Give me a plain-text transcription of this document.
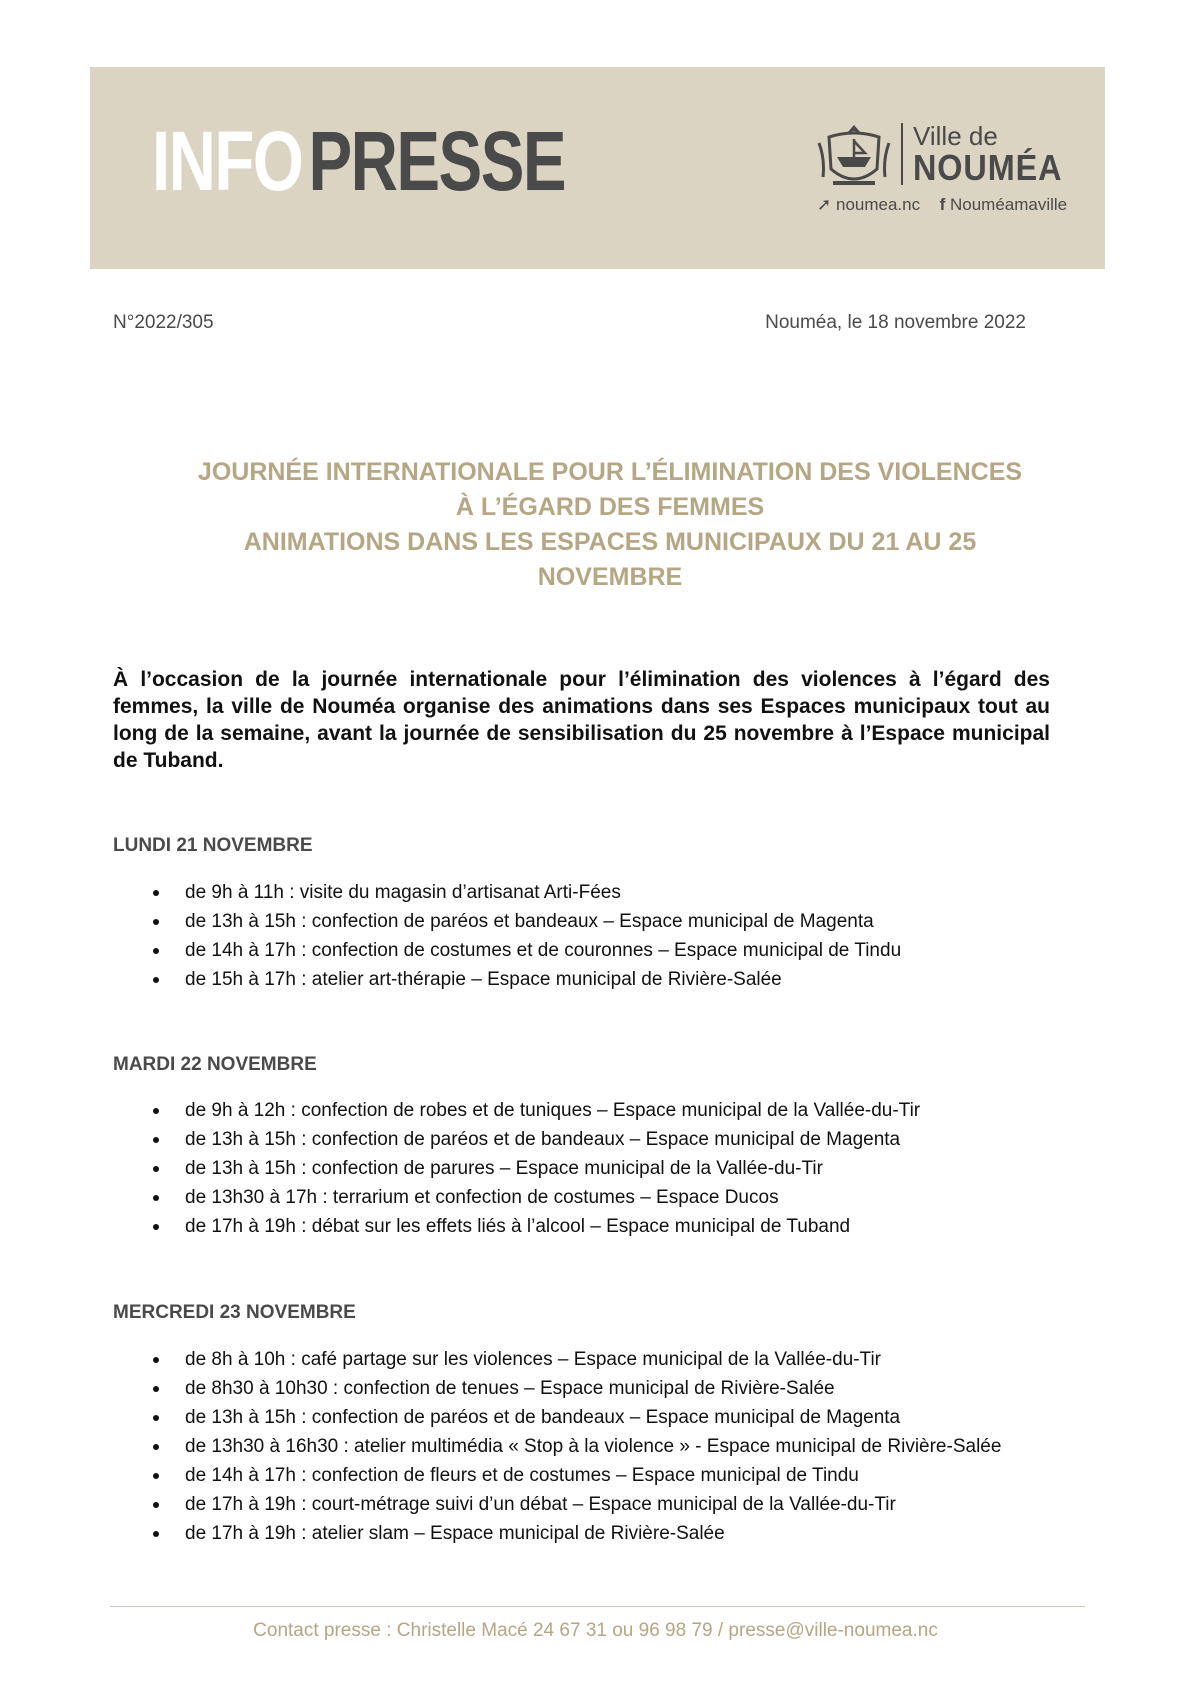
INFOPRESSE	Ville de
NOUMÉA
➚ noumea.nc f Nouméamaville
N°2022/305	Nouméa, le 18 novembre 2022
JOURNÉE INTERNATIONALE POUR L’ÉLIMINATION DES VIOLENCES
À L’ÉGARD DES FEMMES
ANIMATIONS DANS LES ESPACES MUNICIPAUX DU 21 AU 25
NOVEMBRE

À l’occasion de la journée internationale pour l’élimination des violences à l’égard des femmes, la ville de Nouméa organise des animations dans ses Espaces municipaux tout au long de la semaine, avant la journée de sensibilisation du 25 novembre à l’Espace municipal de Tuband.

LUNDI 21 NOVEMBRE
de 9h à 11h : visite du magasin d’artisanat Arti-Fées
de 13h à 15h : confection de paréos et bandeaux – Espace municipal de Magenta
de 14h à 17h : confection de costumes et de couronnes – Espace municipal de Tindu
de 15h à 17h : atelier art-thérapie – Espace municipal de Rivière-Salée
MARDI 22 NOVEMBRE
de 9h à 12h : confection de robes et de tuniques – Espace municipal de la Vallée-du-Tir
de 13h à 15h : confection de paréos et de bandeaux – Espace municipal de Magenta
de 13h à 15h : confection de parures – Espace municipal de la Vallée-du-Tir
de 13h30 à 17h : terrarium et confection de costumes – Espace Ducos
de 17h à 19h : débat sur les effets liés à l’alcool – Espace municipal de Tuband
MERCREDI 23 NOVEMBRE
de 8h à 10h : café partage sur les violences – Espace municipal de la Vallée-du-Tir
de 8h30 à 10h30 : confection de tenues – Espace municipal de Rivière-Salée
de 13h à 15h : confection de paréos et de bandeaux – Espace municipal de Magenta
de 13h30 à 16h30 : atelier multimédia « Stop à la violence » - Espace municipal de Rivière-Salée
de 14h à 17h : confection de fleurs et de costumes – Espace municipal de Tindu
de 17h à 19h : court-métrage suivi d’un débat – Espace municipal de la Vallée-du-Tir
de 17h à 19h : atelier slam – Espace municipal de Rivière-Salée
Contact presse : Christelle Macé 24 67 31 ou 96 98 79 / presse@ville-noumea.nc
